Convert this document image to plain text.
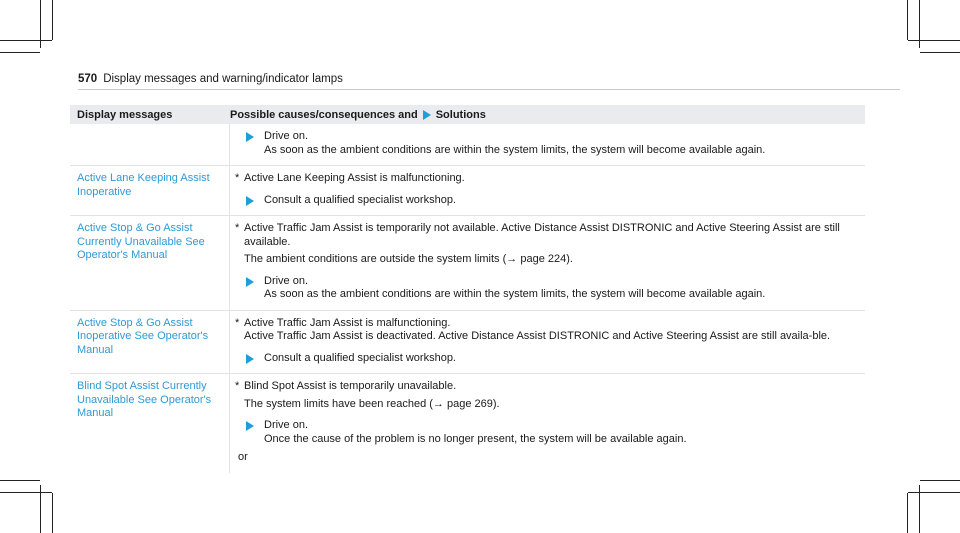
570 Display messages and warning/indicator lamps
Display messages	Possible causes/consequences and Solutions
Drive on.
As soon as the ambient conditions are within the system limits, the system will become available again.
Active Lane Keeping Assist Inoperative
* Active Lane Keeping Assist is malfunctioning.
Consult a qualified specialist workshop.
Active Stop & Go Assist Currently Unavailable See Operator's Manual
* Active Traffic Jam Assist is temporarily not available. Active Distance Assist DISTRONIC and Active Steering Assist are still available.
The ambient conditions are outside the system limits (→ page 224).
Drive on.
As soon as the ambient conditions are within the system limits, the system will become available again.
Active Stop & Go Assist Inoperative See Operator's Manual
* Active Traffic Jam Assist is malfunctioning.
Active Traffic Jam Assist is deactivated. Active Distance Assist DISTRONIC and Active Steering Assist are still availa-ble.
Consult a qualified specialist workshop.
Blind Spot Assist Currently Unavailable See Operator's Manual
* Blind Spot Assist is temporarily unavailable.
The system limits have been reached (→ page 269).
Drive on.
Once the cause of the problem is no longer present, the system will be available again.
or
